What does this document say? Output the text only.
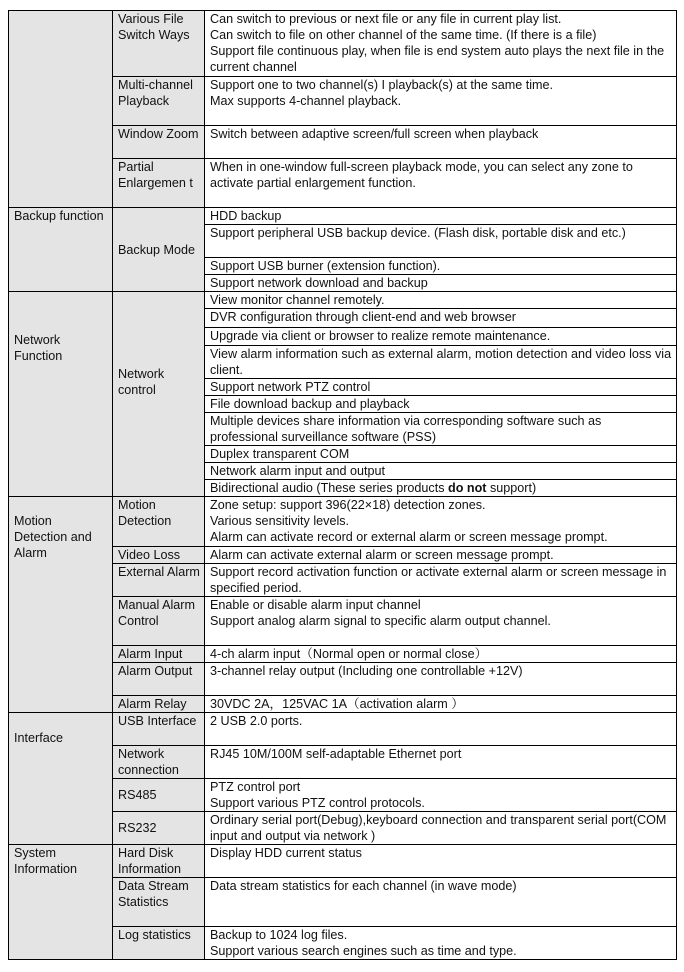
	Various File Switch Ways	Can switch to previous or next file or any file in current play list.
Can switch to file on other channel of the same time. (If there is a file)
Support file continuous play, when file is end system auto plays the next file in the current channel

	Multi-channel Playback	Support one to two channel(s) I playback(s) at the same time.
Max supports 4-channel playback.

	Window Zoom	Switch between adaptive screen/full screen when playback

	Partial Enlargemen t	When in one-window full-screen playback mode, you can select any zone to activate partial enlargement function.

Backup function	Backup Mode	HDD backup
		Support peripheral USB backup device. (Flash disk, portable disk and etc.)
		Support USB burner (extension function).
		Support network download and backup
Network Function	Network control	View monitor channel remotely.
		DVR configuration through client-end and web browser
		Upgrade via client or browser to realize remote maintenance.
		View alarm information such as external alarm, motion detection and video loss via client.
		Support network PTZ control
		File download backup and playback
		Multiple devices share information via corresponding software such as professional surveillance software (PSS)
		Duplex transparent COM
		Network alarm input and output
		Bidirectional audio (These series products do not support)
Motion Detection and Alarm	Motion Detection	Zone setup: support 396(22×18) detection zones.
Various sensitivity levels.
Alarm can activate record or external alarm or screen message prompt.

	Video Loss	Alarm can activate external alarm or screen message prompt.

	External Alarm	Support record activation function or activate external alarm or screen message in specified period.

	Manual Alarm Control	Enable or disable alarm input channel
Support analog alarm signal to specific alarm output channel.

	Alarm Input	4-ch alarm input（Normal open or normal close）

	Alarm Output	3-channel relay output (Including one controllable +12V)

	Alarm Relay	30VDC 2A，125VAC 1A（activation alarm ）

Interface	USB Interface	2 USB 2.0 ports.

	Network connection	RJ45 10M/100M self-adaptable Ethernet port

	RS485	PTZ control port
Support various PTZ control protocols.

	RS232	Ordinary serial port(Debug),keyboard connection and transparent serial port(COM input and output via network )

System Information	Hard Disk Information	Display HDD current status

	Data Stream Statistics	Data stream statistics for each channel (in wave mode)

	Log statistics	Backup to 1024 log files.
Support various search engines such as time and type.
